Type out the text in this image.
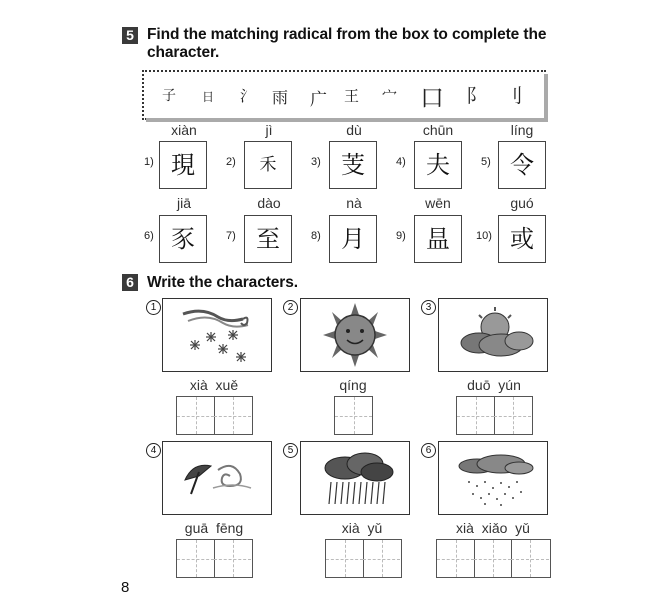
5 Find the matching radical from the box to complete the
character.
子 日 氵 雨 广 王 宀 口 阝 刂
xiàn	jì	dù	chūn	líng
1)	2)	3)	4)	5)
現	禾	芰	夫	令
jiā	dào	nà	wēn	guó
6)	7)	8)	9)	10)
豕	至	月	昷	或
6 Write the characters.
1	2	3
xià xuě	qíng	duō yún
4	5	6
guā fēng	xià yǔ	xià xiǎo yǔ
8
